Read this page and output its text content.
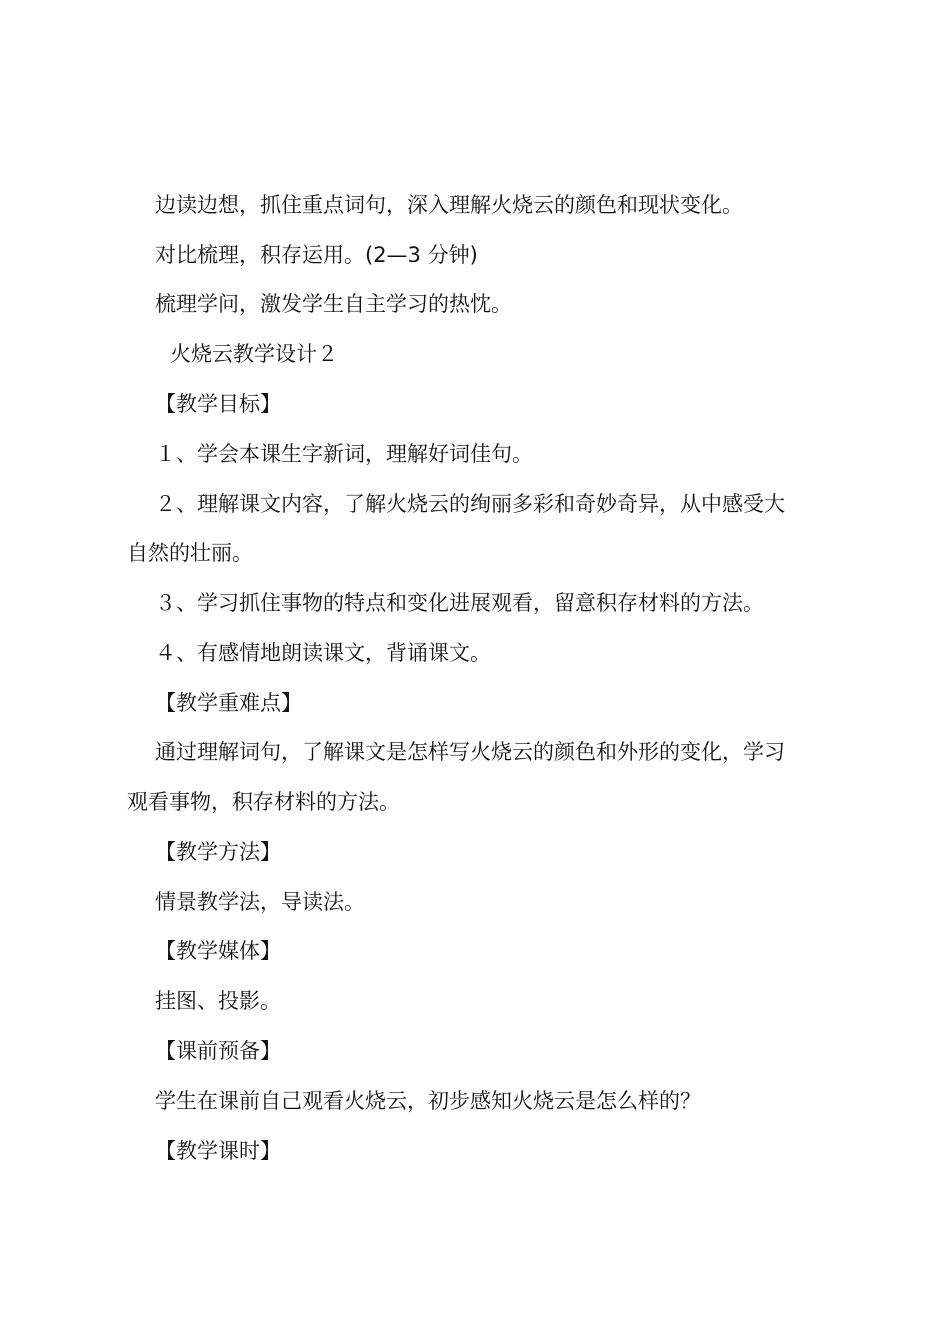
边读边想，抓住重点词句，深入理解火烧云的颜色和现状变化。
对比梳理，积存运用。(2—3 分钟)
梳理学问，激发学生自主学习的热忱。
火烧云教学设计２
【教学目标】
１、学会本课生字新词，理解好词佳句。
２、理解课文内容，了解火烧云的绚丽多彩和奇妙奇异，从中感受大
自然的壮丽。
３、学习抓住事物的特点和变化进展观看，留意积存材料的方法。
４、有感情地朗读课文，背诵课文。
【教学重难点】
通过理解词句，了解课文是怎样写火烧云的颜色和外形的变化，学习
观看事物，积存材料的方法。
【教学方法】
情景教学法，导读法。
【教学媒体】
挂图、投影。
【课前预备】
学生在课前自己观看火烧云，初步感知火烧云是怎么样的？
【教学课时】
